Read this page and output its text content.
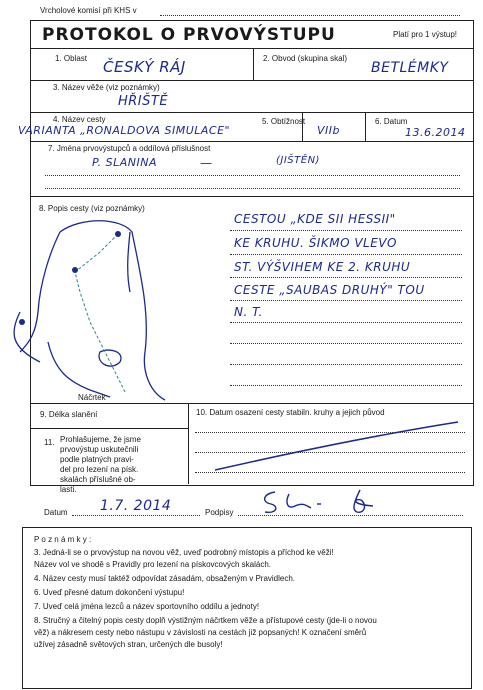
Vrcholové komisí při KHS v
PROTOKOL O PRVOVÝSTUPU	Platí pro 1 výstup!
1. Oblast ČESKÝ RÁJ	2. Obvod (skupina skal)
BETLÉMKY
3. Název věže (viz poznámky)
HŘIŠTĚ
4. Název cesty
VARIANTA „RONALDOVA SIMULACE"
5. Obtížnost
VIIb
6. Datum
13.6.2014
7. Jména prvovýstupců a oddílová příslušnost
P. SLANINA	—	(JIŠTĚN)
8. Popis cesty (viz poznámky)
Náčrtek
CESTOU „KDE SII HESSII"
KE KRUHU. ŠIKMO VLEVO
ST. VÝŠVIHEM KE 2. KRUHU
CESTE „SAUBAS DRUHÝ" TOU
N. T.
9. Délka slanění	10. Datum osazení cesty stabiln. kruhy a jejich původ
11. Prohlašujeme, že jsme
prvovýstup uskutečnili
podle platných pravi-
del pro lezení na písk.
skalách příslušné ob-
lasti.
Datum 1.7. 2014	Podpisy
P o z n á m k y :
3. Jedná-li se o prvovýstup na novou věž, uveď podrobný místopis a příchod ke věži!
Název vol ve shodě s Pravidly pro lezení na pískovcových skalách.
4. Název cesty musí taktéž odpovídat zásadám, obsaženým v Pravidlech.
6. Uveď přesné datum dokončení výstupu!
7. Uveď celá jména lezců a název sportovního oddílu a jednoty!
8. Stručný a čitelný popis cesty doplň výstižným náčrtkem věže a přístupové cesty (jde-li o novou
věž) a nákresem cesty nebo nástupu v závislosti na cestách již popsaných! K označení směrů
užívej zásadně světových stran, určených dle busoly!
